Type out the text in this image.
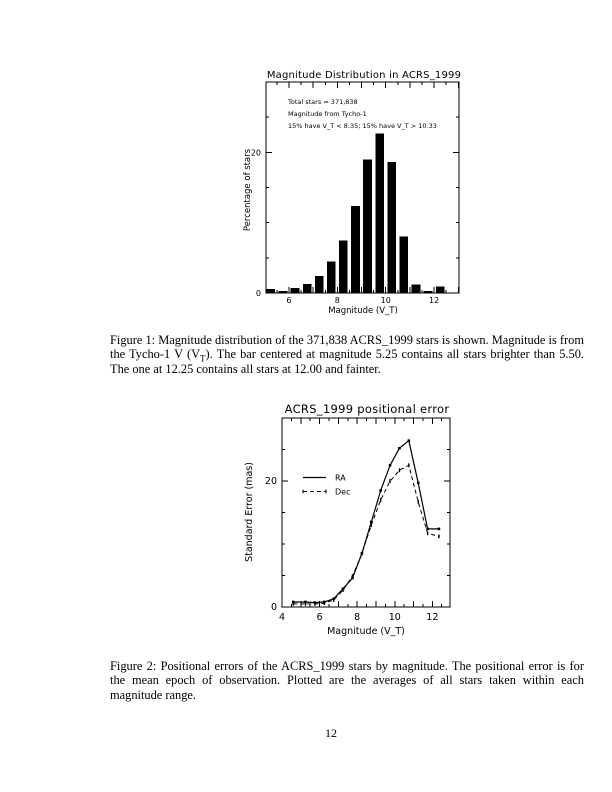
Magnitude Distribution in ACRS_1999
Total stars = 371,838
Magnitude from Tycho-1
15% have V_T < 8.35; 15% have V_T > 10.33
Magnitude (V_T)
Percentage of stars
6	8	10	12
0
20
Figure 1: Magnitude distribution of the 371,838 ACRS_1999 stars is shown. Magnitude is from the Tycho-1 V $(V_T)$. The bar centered at magnitude 5.25 contains all stars brighter than 5.50. The one at 12.25 contains all stars at 12.00 and fainter.
ACRS_1999 positional error
Magnitude (V_T)
Standard Error (mas)
4	6	8	10	12
0
20	RA
Dec
Figure 2: Positional errors of the ACRS_1999 stars by magnitude. The positional error is for the mean epoch of observation. Plotted are the averages of all stars taken within each magnitude range.
12
